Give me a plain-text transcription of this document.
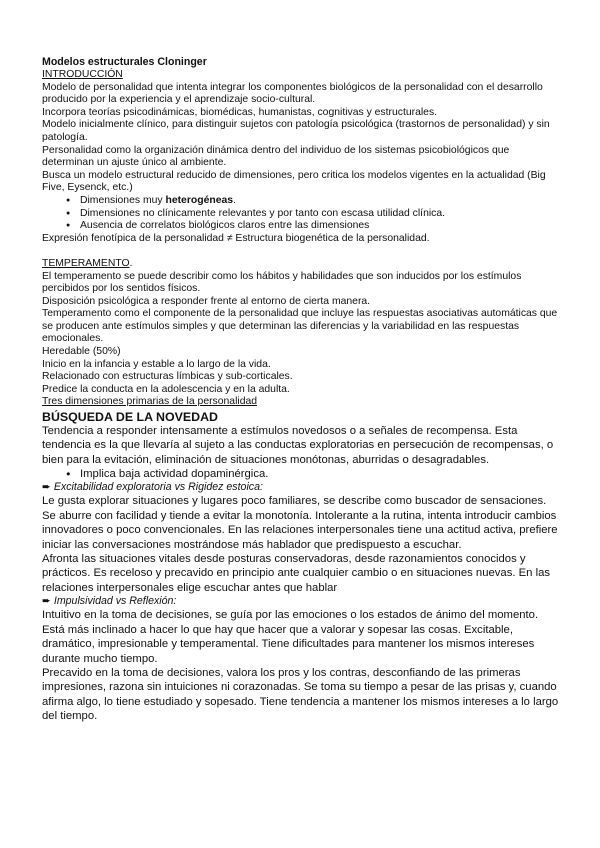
Modelos estructurales Cloninger

INTRODUCCIÓN

Modelo de personalidad que intenta integrar los componentes biológicos de la personalidad con el desarrollo producido por la experiencia y el aprendizaje socio-cultural.

Incorpora teorías psicodinámicas, biomédicas, humanistas, cognitivas y estructurales.

Modelo inicialmente clínico, para distinguir sujetos con patología psicológica (trastornos de personalidad) y sin patología.

Personalidad como la organización dinámica dentro del individuo de los sistemas psicobiológicos que determinan un ajuste único al ambiente.

Busca un modelo estructural reducido de dimensiones, pero critica los modelos vigentes en la actualidad (Big Five, Eysenck, etc.)

● Dimensiones muy heterogéneas.
● Dimensiones no clínicamente relevantes y por tanto con escasa utilidad clínica.
● Ausencia de correlatos biológicos claros entre las dimensiones

Expresión fenotípica de la personalidad ≠ Estructura biogenética de la personalidad.

TEMPERAMENTO.

El temperamento se puede describir como los hábitos y habilidades que son inducidos por los estímulos percibidos por los sentidos físicos.

Disposición psicológica a responder frente al entorno de cierta manera.

Temperamento como el componente de la personalidad que incluye las respuestas asociativas automáticas que se producen ante estímulos simples y que determinan las diferencias y la variabilidad en las respuestas emocionales.

Heredable (50%)

Inicio en la infancia y estable a lo largo de la vida.

Relacionado con estructuras límbicas y sub-corticales.

Predice la conducta en la adolescencia y en la adulta.

Tres dimensiones primarias de la personalidad

BÚSQUEDA DE LA NOVEDAD

Tendencia a responder intensamente a estímulos novedosos o a señales de recompensa. Esta tendencia es la que llevaría al sujeto a las conductas exploratorias en persecución de recompensas, o bien para la evitación, eliminación de situaciones monótonas, aburridas o desagradables.

● Implica baja actividad dopaminérgica.

➨ Excitabilidad exploratoria vs Rigidez estoica:

Le gusta explorar situaciones y lugares poco familiares, se describe como buscador de sensaciones. Se aburre con facilidad y tiende a evitar la monotonía. Intolerante a la rutina, intenta introducir cambios innovadores o poco convencionales. En las relaciones interpersonales tiene una actitud activa, prefiere iniciar las conversaciones mostrándose más hablador que predispuesto a escuchar.

Afronta las situaciones vitales desde posturas conservadoras, desde razonamientos conocidos y prácticos. Es receloso y precavido en principio ante cualquier cambio o en situaciones nuevas. En las relaciones interpersonales elige escuchar antes que hablar

➨ Impulsividad vs Reflexión:

Intuitivo en la toma de decisiones, se guía por las emociones o los estados de ánimo del momento. Está más inclinado a hacer lo que hay que hacer que a valorar y sopesar las cosas. Excitable, dramático, impresionable y temperamental. Tiene dificultades para mantener los mismos intereses durante mucho tiempo.

Precavido en la toma de decisiones, valora los pros y los contras, desconfiando de las primeras impresiones, razona sin intuiciones ni corazonadas. Se toma su tiempo a pesar de las prisas y, cuando afirma algo, lo tiene estudiado y sopesado. Tiene tendencia a mantener los mismos intereses a lo largo del tiempo.
